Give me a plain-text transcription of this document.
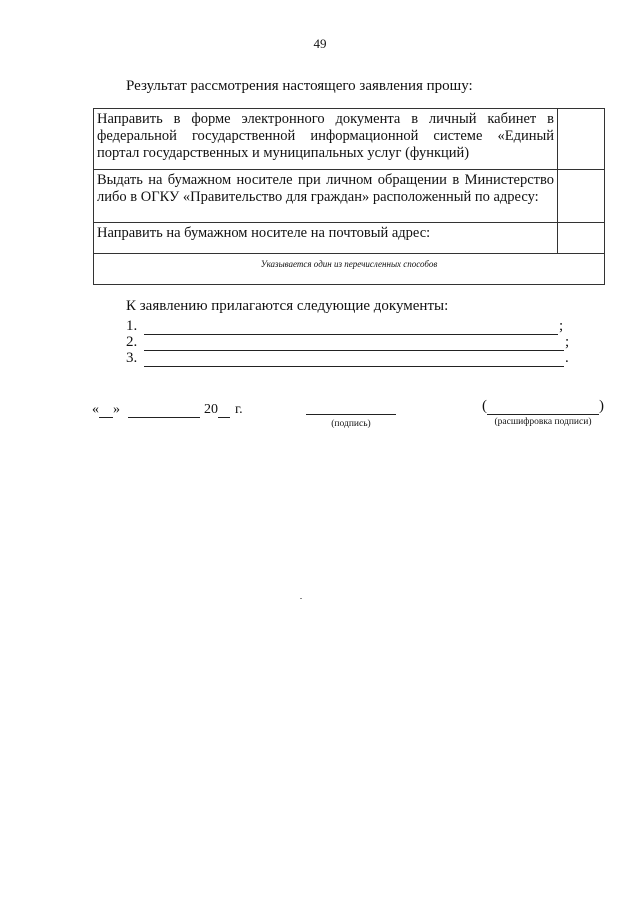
49
Результат рассмотрения настоящего заявления прошу:
Направить в форме электронного документа в личный кабинет в
федеральной государственной информационной системе «Единый
портал государственных и муниципальных услуг (функций)	

Выдать на бумажном носителе при личном обращении в Министерство
либо в ОГКУ «Правительство для граждан» расположенный по адресу:	

Направить на бумажном носителе на почтовый адрес:	

Указывается один из перечисленных способов	
К заявлению прилагаются следующие документы:
1.	;
2.	;
3.	.
« »	20 г.
(подпись)
(	)
(расшифровка подписи)
